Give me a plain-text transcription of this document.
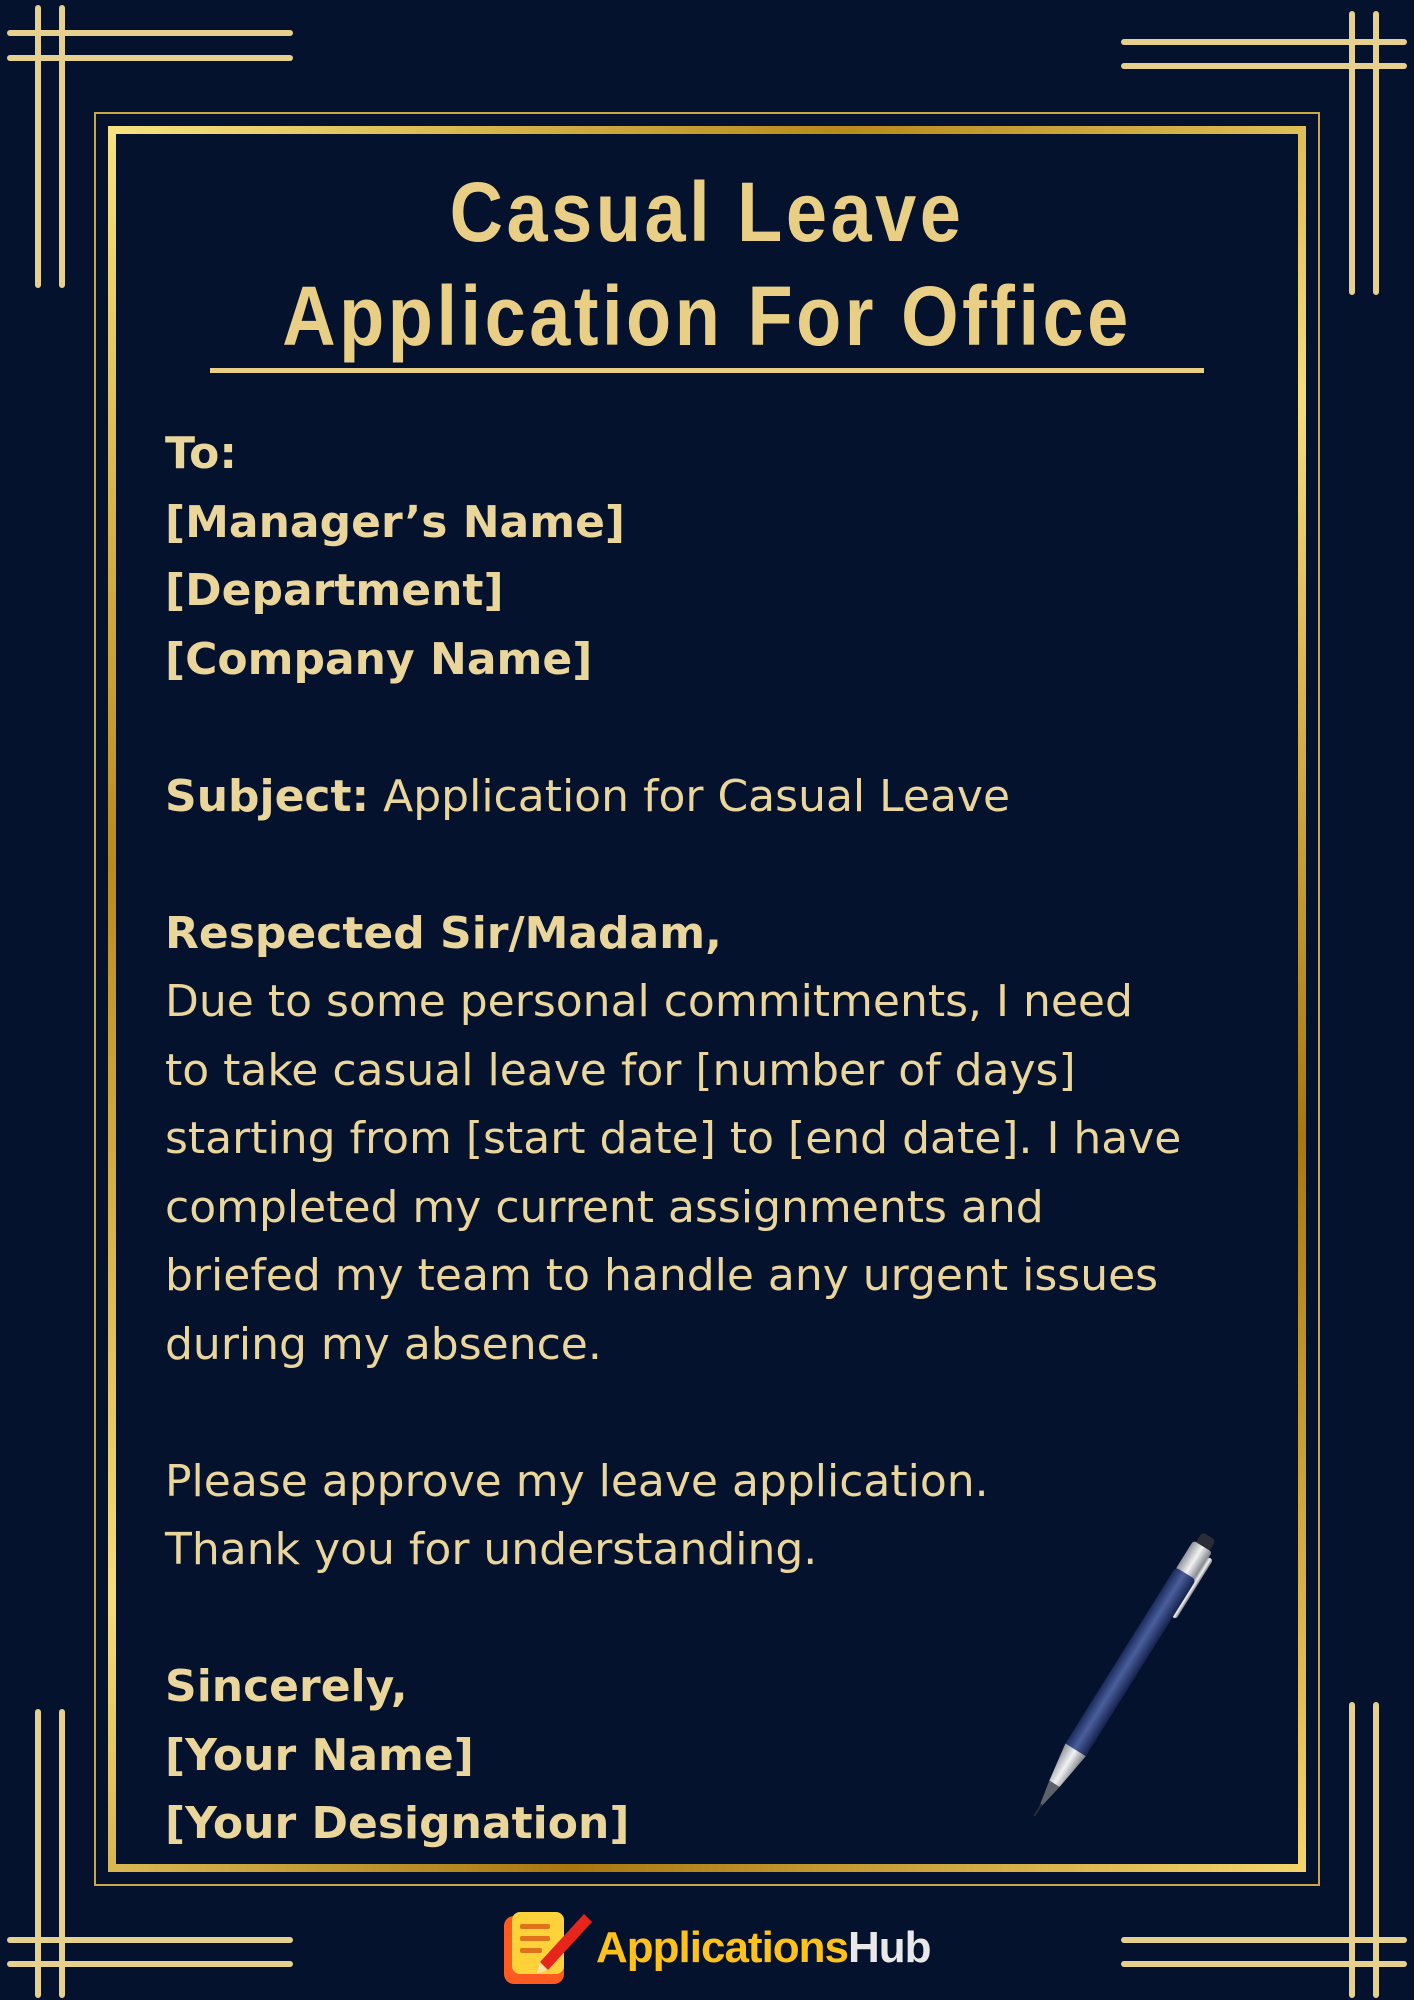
Casual Leave
Application For Office
To:
[Manager’s Name]
[Department]
[Company Name]
Subject: Application for Casual Leave
Respected Sir/Madam,
Due to some personal commitments, I need
to take casual leave for [number of days]
starting from [start date] to [end date]. I have
completed my current assignments and
briefed my team to handle any urgent issues
during my absence.
Please approve my leave application.
Thank you for understanding.
Sincerely,
[Your Name]
[Your Designation]
ApplicationsHub
